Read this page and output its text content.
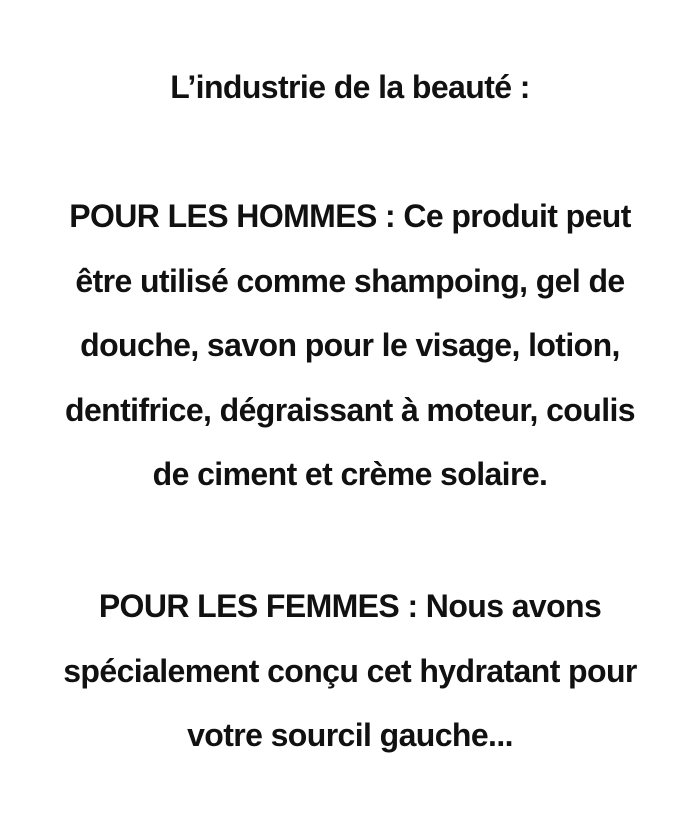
L’industrie de la beauté :
POUR LES HOMMES : Ce produit peut
être utilisé comme shampoing, gel de
douche, savon pour le visage, lotion,
dentifrice, dégraissant à moteur, coulis
de ciment et crème solaire.
POUR LES FEMMES : Nous avons
spécialement conçu cet hydratant pour
votre sourcil gauche...
